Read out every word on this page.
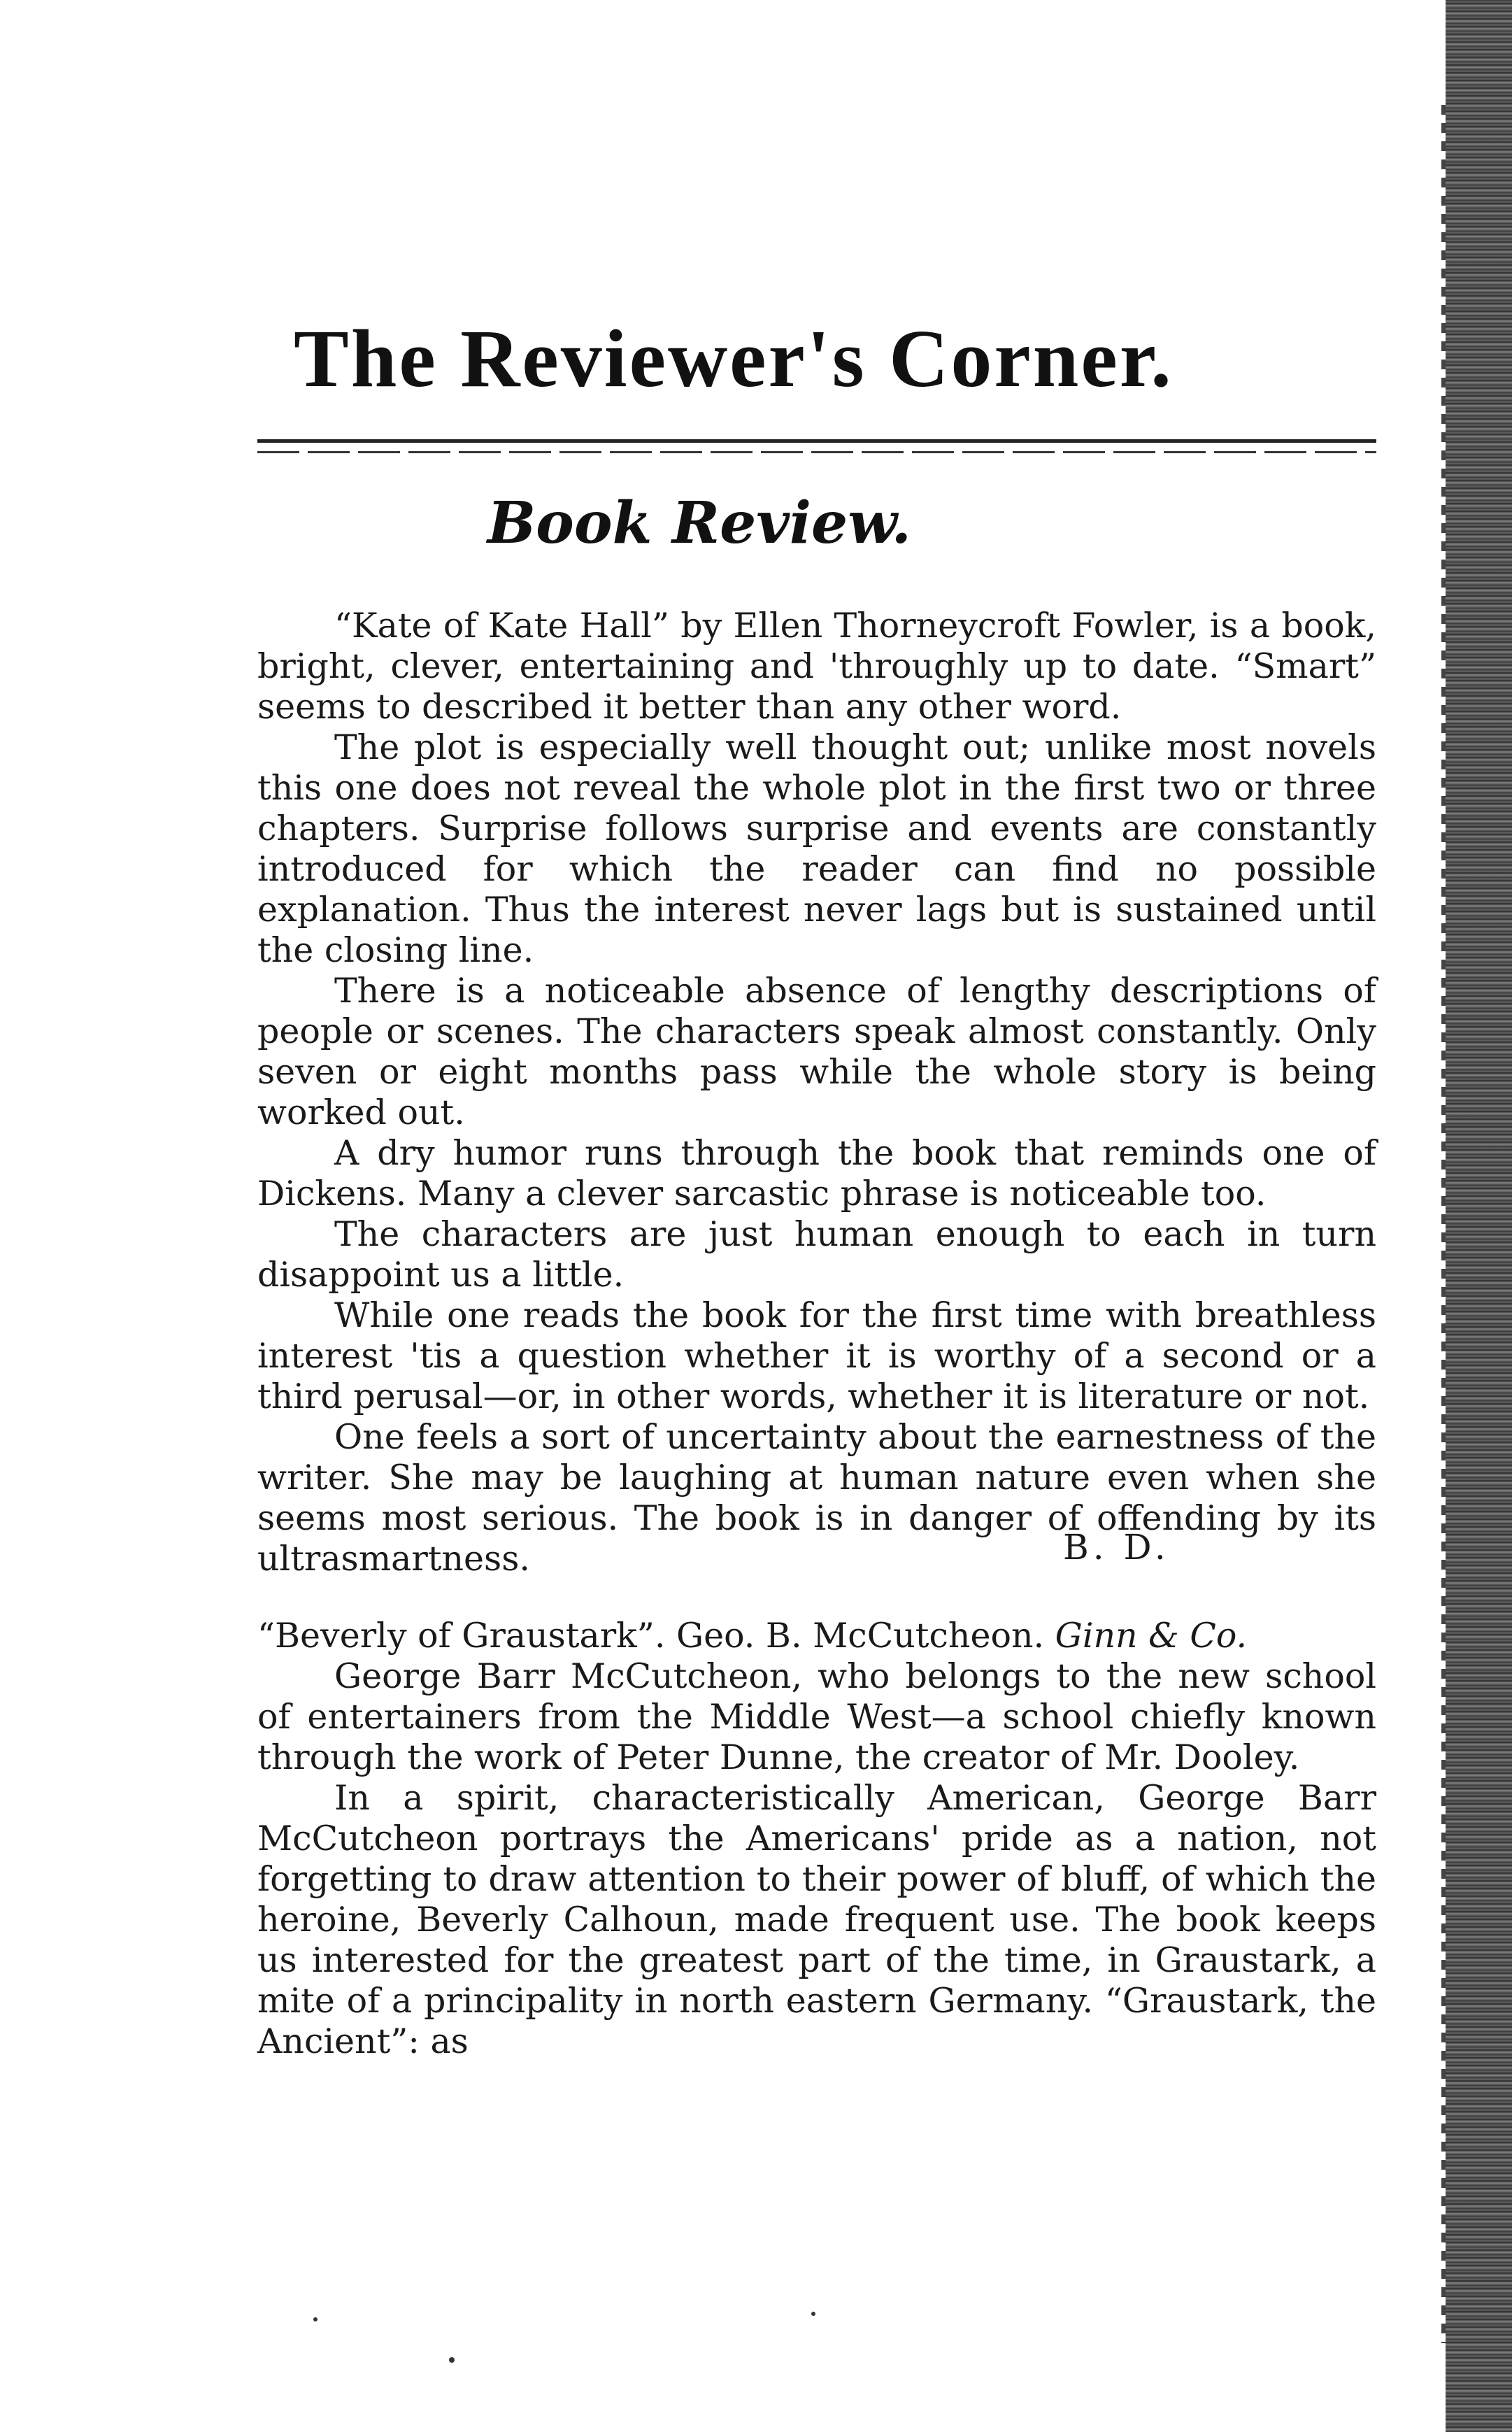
The Reviewer's Corner.
Book Review.

“Kate of Kate Hall” by Ellen Thorneycroft Fowler, is a book, bright, clever, entertaining and 'throughly up to date. “Smart” seems to described it better than any other word.

The plot is especially well thought out; unlike most novels this one does not reveal the whole plot in the first two or three chapters. Surprise follows surprise and events are constantly introduced for which the reader can find no possible explanation. Thus the interest never lags but is sustained until the closing line.

There is a noticeable absence of lengthy descriptions of people or scenes. The characters speak almost constantly. Only seven or eight months pass while the whole story is being worked out.

A dry humor runs through the book that reminds one of Dickens. Many a clever sarcastic phrase is noticeable too.

The characters are just human enough to each in turn disappoint us a little.

While one reads the book for the first time with breathless interest 'tis a question whether it is worthy of a second or a third perusal—or, in other words, whether it is literature or not.

One feels a sort of uncertainty about the earnestness of the writer. She may be laughing at human nature even when she seems most serious. The book is in danger of offending by its ultrasmartness.	B. D.

“Beverly of Graustark”. Geo. B. McCutcheon. Ginn & Co.

George Barr McCutcheon, who belongs to the new school of entertainers from the Middle West—a school chiefly known through the work of Peter Dunne, the creator of Mr. Dooley.

In a spirit, characteristically American, George Barr McCutcheon portrays the Americans' pride as a nation, not forgetting to draw attention to their power of bluff, of which the heroine, Beverly Calhoun, made frequent use. The book keeps us interested for the greatest part of the time, in Graustark, a mite of a principality in north eastern Germany. “Graustark, the Ancient”: as
